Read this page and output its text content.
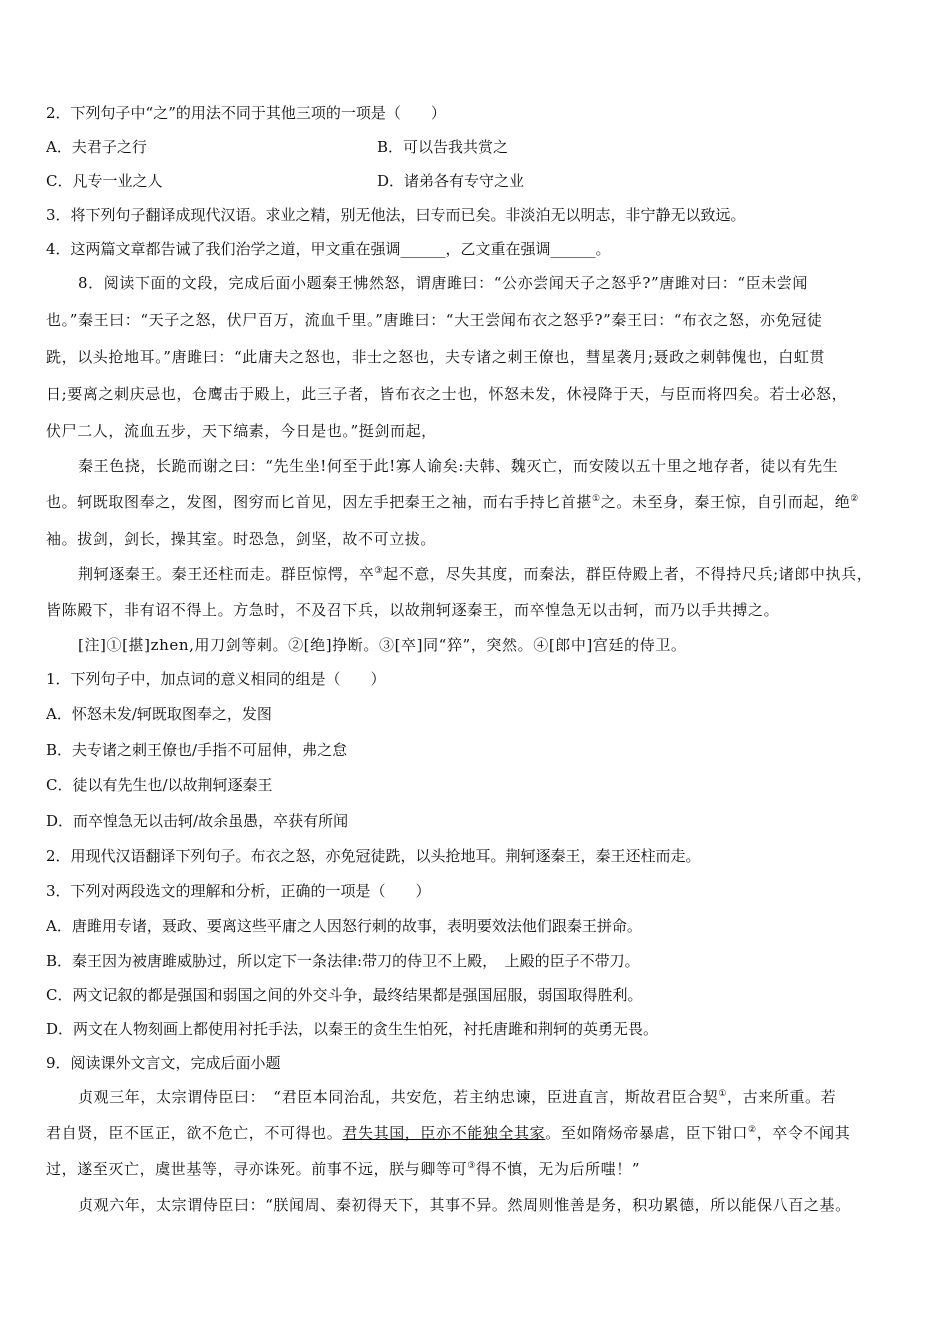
2．下列句子中“之”的用法不同于其他三项的一项是（　　）
A．夫君子之行	B．可以告我共赏之
C．凡专一业之人	D．诸弟各有专守之业
3．将下列句子翻译成现代汉语。求业之精，别无他法，曰专而已矣。非淡泊无以明志，非宁静无以致远。
4．这两篇文章都告诫了我们治学之道，甲文重在强调______，乙文重在强调______。
8．阅读下面的文段，完成后面小题秦王怫然怒，谓唐雎曰：“公亦尝闻天子之怒乎?”唐雎对曰：“臣未尝闻
也。”秦王曰：“天子之怒，伏尸百万，流血千里。”唐雎曰：“大王尝闻布衣之怒乎?”秦王曰：“布衣之怒，亦免冠徒
跣，以头抢地耳。”唐雎曰：“此庸夫之怒也，非士之怒也，夫专诸之刺王僚也，彗星袭月;聂政之刺韩傀也，白虹贯
日;要离之刺庆忌也，仓鹰击于殿上，此三子者，皆布衣之士也，怀怒未发，休祲降于天，与臣而将四矣。若士必怒，
伏尸二人，流血五步，天下缟素，今日是也。”挺剑而起，
秦王色挠，长跪而谢之曰：“先生坐!何至于此!寡人谕矣:夫韩、魏灭亡，而安陵以五十里之地存者，徒以有先生
也。轲既取图奉之，发图，图穷而匕首见，因左手把秦王之袖，而右手持匕首揕①之。未至身，秦王惊，自引而起，绝②
袖。拔剑，剑长，操其室。时恐急，剑坚，故不可立拔。
荆轲逐秦王。秦王还柱而走。群臣惊愕，卒③起不意，尽失其度，而秦法，群臣侍殿上者，不得持尺兵;诸郎中执兵，
皆陈殿下，非有诏不得上。方急时，不及召下兵，以故荆轲逐秦王，而卒惶急无以击轲，而乃以手共搏之。
[注]①[揕]zhen,用刀剑等刺。②[绝]挣断。③[卒]同“猝”，突然。④[郎中]宫廷的侍卫。
1．下列句子中，加点词的意义相同的组是（　　）
A．怀怒未发/轲既取图奉之，发图
B．夫专诸之刺王僚也/手指不可屈伸，弗之怠
C．徒以有先生也/以故荆轲逐秦王
D．而卒惶急无以击轲/故余虽愚，卒获有所闻
2．用现代汉语翻译下列句子。布衣之怒，亦免冠徒跣，以头抢地耳。荆轲逐秦王，秦王还柱而走。
3．下列对两段选文的理解和分析，正确的一项是（　　）
A．唐雎用专诸，聂政、要离这些平庸之人因怒行刺的故事，表明要效法他们跟秦王拼命。
B．秦王因为被唐雎威胁过，所以定下一条法律:带刀的侍卫不上殿，　上殿的臣子不带刀。
C．两文记叙的都是强国和弱国之间的外交斗争，最终结果都是强国屈服，弱国取得胜利。
D．两文在人物刻画上都使用衬托手法，以秦王的贪生生怕死，衬托唐雎和荆轲的英勇无畏。
9．阅读课外文言文，完成后面小题
贞观三年，太宗谓侍臣曰：　“君臣本同治乱，共安危，若主纳忠谏，臣进直言，斯故君臣合契①，古来所重。若
君自贤，臣不匡正，欲不危亡，不可得也。君失其国，臣亦不能独全其家。至如隋炀帝暴虐，臣下钳口②，卒令不闻其
过，遂至灭亡，虞世基等，寻亦诛死。前事不远，朕与卿等可③得不慎，无为后所嗤！”
贞观六年，太宗谓侍臣曰：“朕闻周、秦初得天下，其事不异。然周则惟善是务，积功累德，所以能保八百之基。
